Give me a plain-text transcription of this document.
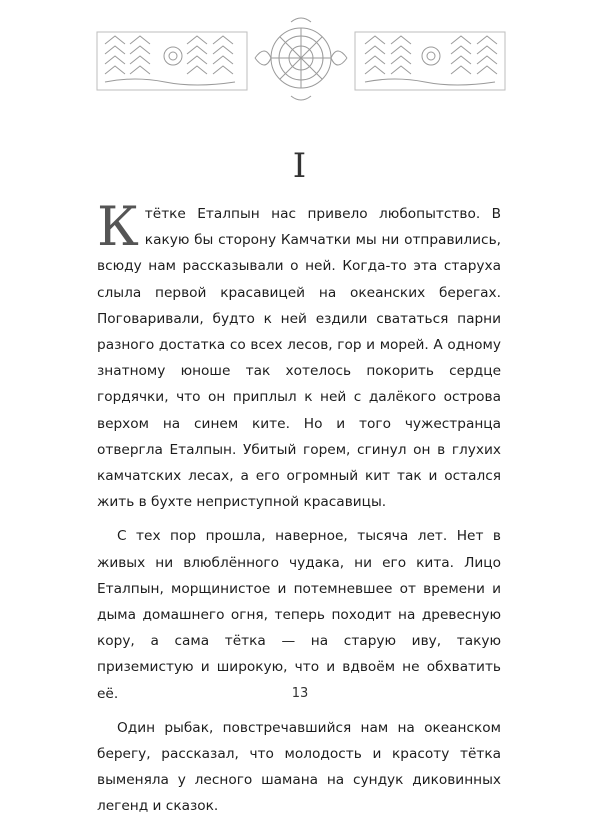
I

К тётке Еталпын нас привело любопытство. В какую бы сторону Камчатки мы ни отправились, всюду нам рассказывали о ней. Когда-то эта старуха слыла первой красавицей на океанских берегах. Поговаривали, будто к ней ездили свататься парни разного достатка со всех лесов, гор и морей. А одному знатному юноше так хотелось покорить сердце гордячки, что он приплыл к ней с далёкого острова верхом на синем ките. Но и того чужестранца отвергла Еталпын. Убитый горем, сгинул он в глухих камчатских лесах, а его огромный кит так и остался жить в бухте неприступной красавицы.

С тех пор прошла, наверное, тысяча лет. Нет в живых ни влюблённого чудака, ни его кита. Лицо Еталпын, морщинистое и потемневшее от времени и дыма домашнего огня, теперь походит на древесную кору, а сама тётка — на старую иву, такую приземистую и широкую, что и вдвоём не обхватить её.

Один рыбак, повстречавшийся нам на океанском берегу, рассказал, что молодость и красоту тётка выменяла у лесного шамана на сундук диковинных легенд и сказок.

13
